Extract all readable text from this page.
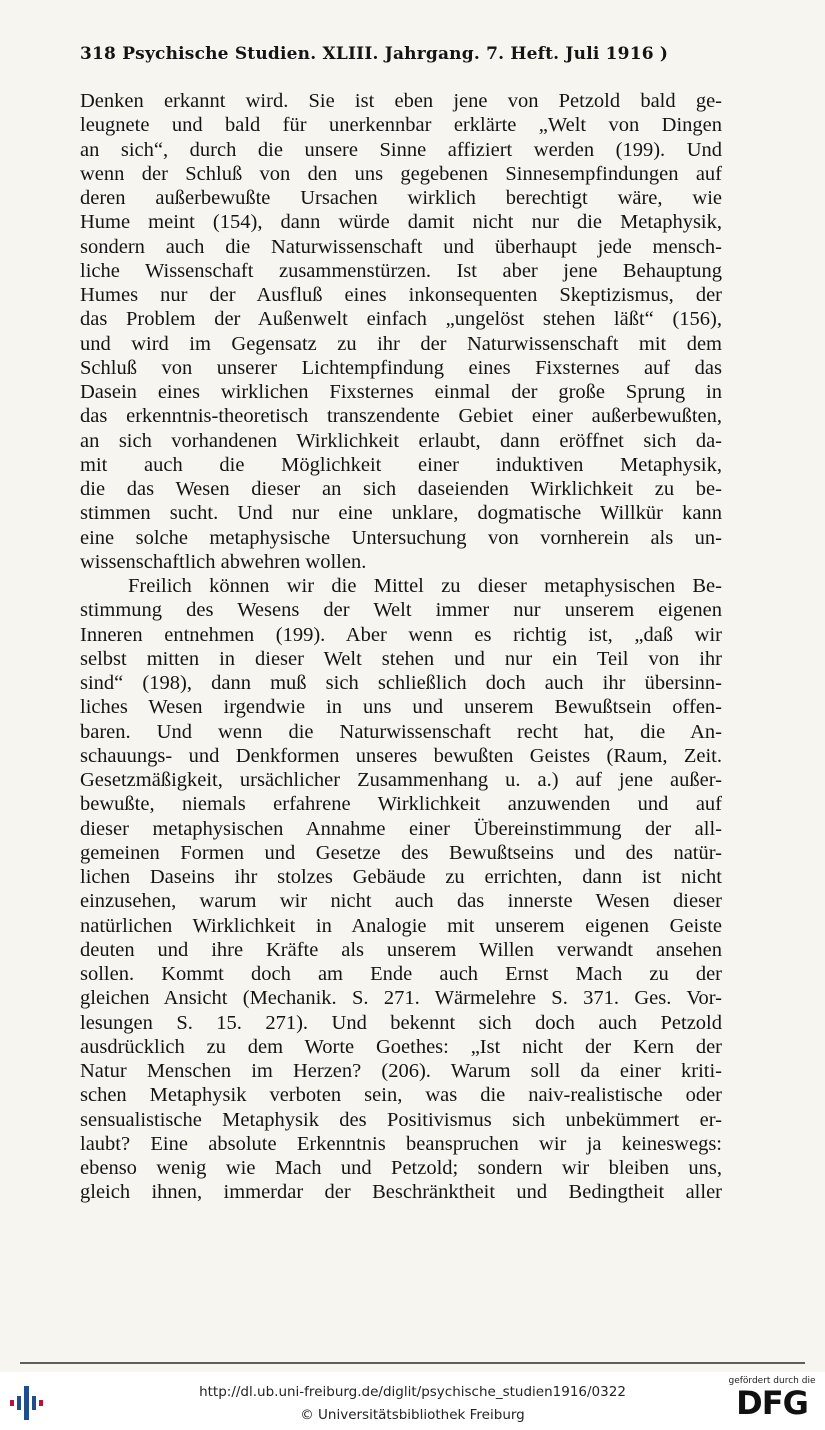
318 Psychische Studien. XLIII. Jahrgang. 7. Heft. Juli 1916 )
Denken erkannt wird. Sie ist eben jene von Petzold bald ge-
leugnete und bald für unerkennbar erklärte „Welt von Dingen
an sich“, durch die unsere Sinne affiziert werden (199). Und
wenn der Schluß von den uns gegebenen Sinnesempfindungen auf
deren außerbewußte Ursachen wirklich berechtigt wäre, wie
Hume meint (154), dann würde damit nicht nur die Metaphysik,
sondern auch die Naturwissenschaft und überhaupt jede mensch-
liche Wissenschaft zusammenstürzen. Ist aber jene Behauptung
Humes nur der Ausfluß eines inkonsequenten Skeptizismus, der
das Problem der Außenwelt einfach „ungelöst stehen läßt“ (156),
und wird im Gegensatz zu ihr der Naturwissenschaft mit dem
Schluß von unserer Lichtempfindung eines Fixsternes auf das
Dasein eines wirklichen Fixsternes einmal der große Sprung in
das erkenntnis-theoretisch transzendente Gebiet einer außerbewußten,
an sich vorhandenen Wirklichkeit erlaubt, dann eröffnet sich da-
mit auch die Möglichkeit einer induktiven Metaphysik,
die das Wesen dieser an sich daseienden Wirklichkeit zu be-
stimmen sucht. Und nur eine unklare, dogmatische Willkür kann
eine solche metaphysische Untersuchung von vornherein als un-
wissenschaftlich abwehren wollen.
Freilich können wir die Mittel zu dieser metaphysischen Be-
stimmung des Wesens der Welt immer nur unserem eigenen
Inneren entnehmen (199). Aber wenn es richtig ist, „daß wir
selbst mitten in dieser Welt stehen und nur ein Teil von ihr
sind“ (198), dann muß sich schließlich doch auch ihr übersinn-
liches Wesen irgendwie in uns und unserem Bewußtsein offen-
baren. Und wenn die Naturwissenschaft recht hat, die An-
schauungs- und Denkformen unseres bewußten Geistes (Raum, Zeit.
Gesetzmäßigkeit, ursächlicher Zusammenhang u. a.) auf jene außer-
bewußte, niemals erfahrene Wirklichkeit anzuwenden und auf
dieser metaphysischen Annahme einer Übereinstimmung der all-
gemeinen Formen und Gesetze des Bewußtseins und des natür-
lichen Daseins ihr stolzes Gebäude zu errichten, dann ist nicht
einzusehen, warum wir nicht auch das innerste Wesen dieser
natürlichen Wirklichkeit in Analogie mit unserem eigenen Geiste
deuten und ihre Kräfte als unserem Willen verwandt ansehen
sollen. Kommt doch am Ende auch Ernst Mach zu der
gleichen Ansicht (Mechanik. S. 271. Wärmelehre S. 371. Ges. Vor-
lesungen S. 15. 271). Und bekennt sich doch auch Petzold
ausdrücklich zu dem Worte Goethes: „Ist nicht der Kern der
Natur Menschen im Herzen? (206). Warum soll da einer kriti-
schen Metaphysik verboten sein, was die naiv-realistische oder
sensualistische Metaphysik des Positivismus sich unbekümmert er-
laubt? Eine absolute Erkenntnis beanspruchen wir ja keineswegs:
ebenso wenig wie Mach und Petzold; sondern wir bleiben uns,
gleich ihnen, immerdar der Beschränktheit und Bedingtheit aller
http://dl.ub.uni-freiburg.de/diglit/psychische_studien1916/0322
© Universitätsbibliothek Freiburg
gefördert durch die
DFG
